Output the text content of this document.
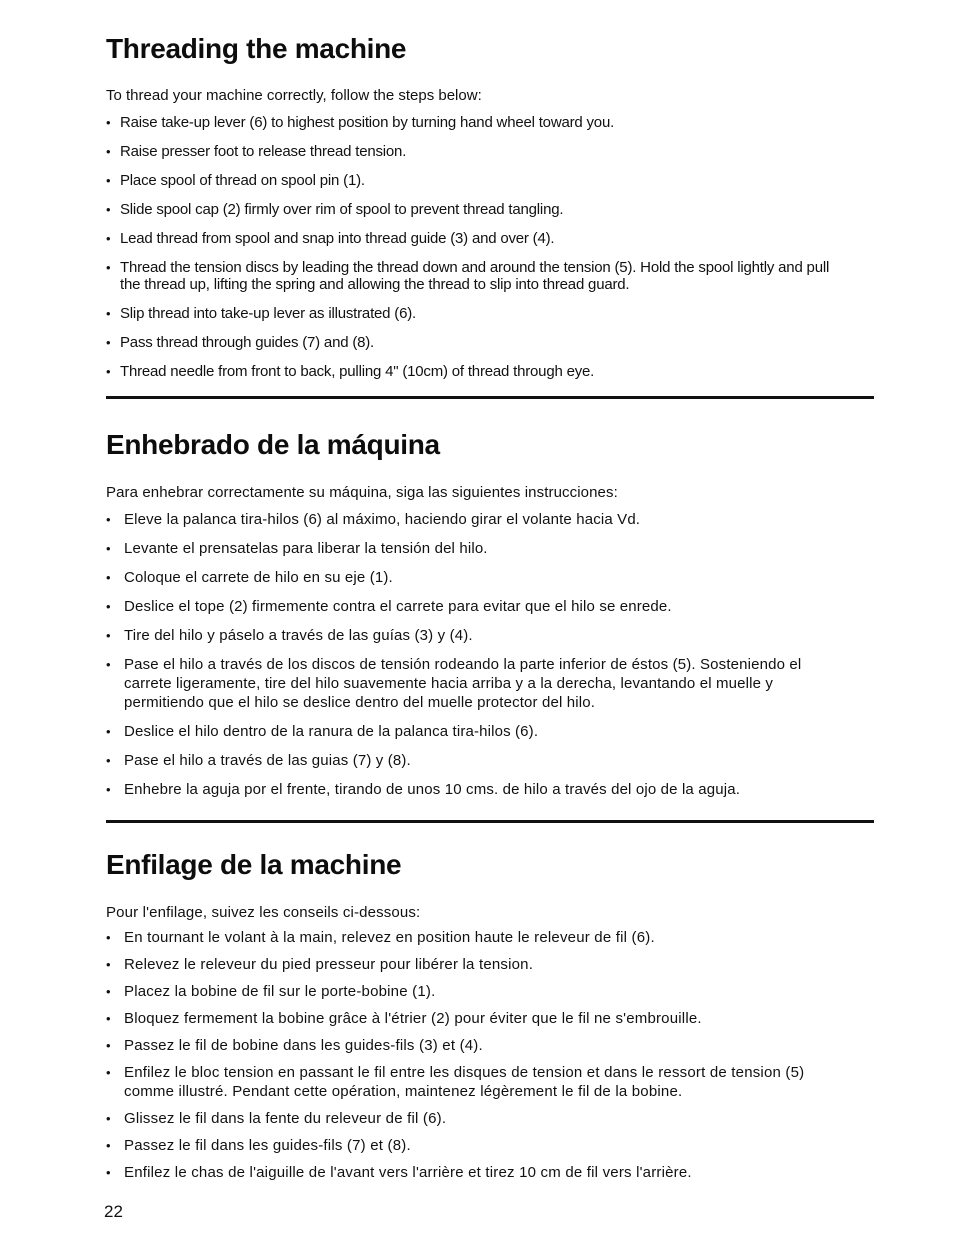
Threading the machine

To thread your machine correctly, follow the steps below:

• Raise take-up lever (6) to highest position by turning hand wheel toward you.
• Raise presser foot to release thread tension.
• Place spool of thread on spool pin (1).
• Slide spool cap (2) firmly over rim of spool to prevent thread tangling.
• Lead thread from spool and snap into thread guide (3) and over (4).
• Thread the tension discs by leading the thread down and around the tension (5). Hold the spool lightly and pull the thread up, lifting the spring and allowing the thread to slip into thread guard.
• Slip thread into take-up lever as illustrated (6).
• Pass thread through guides (7) and (8).
• Thread needle from front to back, pulling 4" (10cm) of thread through eye.
Enhebrado de la máquina

Para enhebrar correctamente su máquina, siga las siguientes instrucciones:

• Eleve la palanca tira-hilos (6) al máximo, haciendo girar el volante hacia Vd.
• Levante el prensatelas para liberar la tensión del hilo.
• Coloque el carrete de hilo en su eje (1).
• Deslice el tope (2) firmemente contra el carrete para evitar que el hilo se enrede.
• Tire del hilo y páselo a través de las guías (3) y (4).
• Pase el hilo a través de los discos de tensión rodeando la parte inferior de éstos (5). Sosteniendo el carrete ligeramente, tire del hilo suavemente hacia arriba y a la derecha, levantando el muelle y permitiendo que el hilo se deslice dentro del muelle protector del hilo.
• Deslice el hilo dentro de la ranura de la palanca tira-hilos (6).
• Pase el hilo a través de las guias (7) y (8).
• Enhebre la aguja por el frente, tirando de unos 10 cms. de hilo a través del ojo de la aguja.
Enfilage de la machine

Pour l'enfilage, suivez les conseils ci-dessous:

• En tournant le volant à la main, relevez en position haute le releveur de fil (6).
• Relevez le releveur du pied presseur pour libérer la tension.
• Placez la bobine de fil sur le porte-bobine (1).
• Bloquez fermement la bobine grâce à l'étrier (2) pour éviter que le fil ne s'embrouille.
• Passez le fil de bobine dans les guides-fils (3) et (4).
• Enfilez le bloc tension en passant le fil entre les disques de tension et dans le ressort de tension (5) comme illustré. Pendant cette opération, maintenez légèrement le fil de la bobine.
• Glissez le fil dans la fente du releveur de fil (6).
• Passez le fil dans les guides-fils (7) et (8).
• Enfilez le chas de l'aiguille de l'avant vers l'arrière et tirez 10 cm de fil vers l'arrière.
22
